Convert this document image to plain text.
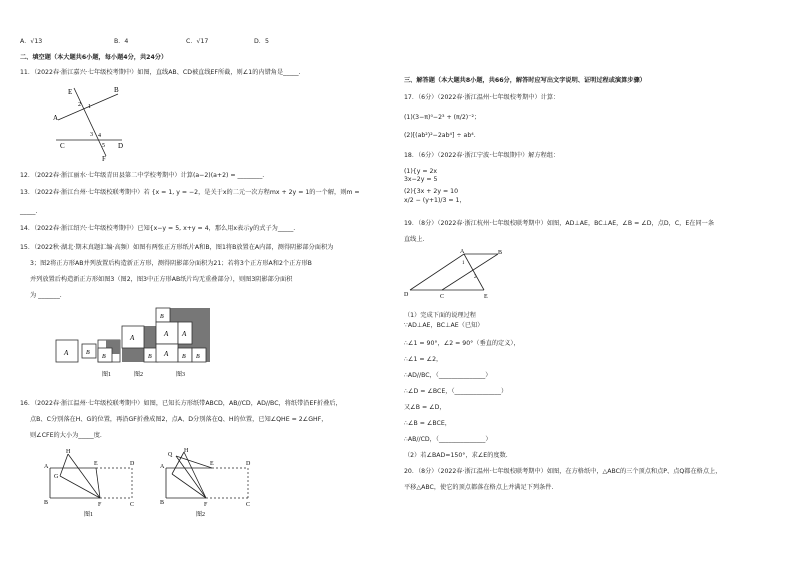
A．√13	B．4	C．√17	D．5
二、填空题（本大题共6小题，每小题4分，共24分）
11．（2022春·浙江嘉兴·七年级校考期中）如图，直线AB、CD被直线EF所截，则∠1的内错角是_____.
E
A
B
C	D
F
1
2
3 4
5
12．（2022春·浙江丽水·七年级青田县第二中学校考期中）计算(a−2)(a+2) = ________.
13．（2022春·浙江台州·七年级校联考期中）若 {x = 1, y = −2，是关于x的二元一次方程mx + 2y = 1的一个解，则m =
_____.
14．（2022春·浙江绍兴·七年级校考期中）已知{x−y = 5, x+y = 4，那么用x表示y的式子为_____.
15．（2022秋·湖北·期末真题汇编·高频）如图有两张正方形纸片A和B，图1将B放置在A内部，测得阴影部分面积为
3；图2将正方形AB并列放置后构造新正方形，测得阴影部分面积为21；若将3个正方形A和2个正方形B
并列放置后构造新正方形如图3（图2，图3中正方形AB纸片均无重叠部分），则图3阴影部分面积
为 _______.
A	B
B
图1
A
B
图2
B
A A
A B B
图3
16．（2022春·浙江温州·七年级校联考期中）如图，已知长方形纸带ABCD，AB//CD，AD//BC，将纸带沿EF折叠后，
点B、C分别落在H、G的位置，再沿GF折叠成图2，点A、D分别落在Q、H的位置，已知∠QHE = 2∠GHF，
则∠CFE的大小为_____度.
H
G
A	E	D
B	F	C
图1
Q
H
A	E	D
B	F	C
图2
三、解答题（本大题共8小题，共66分，解答时应写出文字说明、证明过程或演算步骤）
17．（6分）（2022春·浙江温州·七年级校考期中）计算：
(1)(3−π)⁰−2³ + (π/2)⁻²；
(2)[(ab²)²−2ab⁴] ÷ ab⁴.
18．（6分）（2022春·浙江宁波·七年级期中）解方程组：
(1){y = 2x
3x−2y = 5
(2){3x + 2y = 10
x/2 − (y+1)/3 = 1，
19．（8分）（2022春·浙江杭州·七年级校联考期中）如图，AD⊥AE，BC⊥AE，∠B = ∠D，点D，C，E在同一条
直线上.
A	B
D	C	E
1
2
（1）完成下面的说理过程
∵AD⊥AE，BC⊥AE（已知）
∴∠1 = 90°，∠2 = 90°（垂直的定义），
∴∠1 = ∠2，
∴AD//BC，（_______________）
∴∠D = ∠BCE，（_______________）
又∠B = ∠D，
∴∠B = ∠BCE，
∴AB//CD，（_______________）
（2）若∠BAD=150°，求∠E的度数.
20．（8分）（2022春·浙江温州·七年级校联考期中）如图，在方格纸中，△ABC的三个顶点和点P、点Q都在格点上，
平移△ABC，使它的顶点都落在格点上并满足下列条件.
